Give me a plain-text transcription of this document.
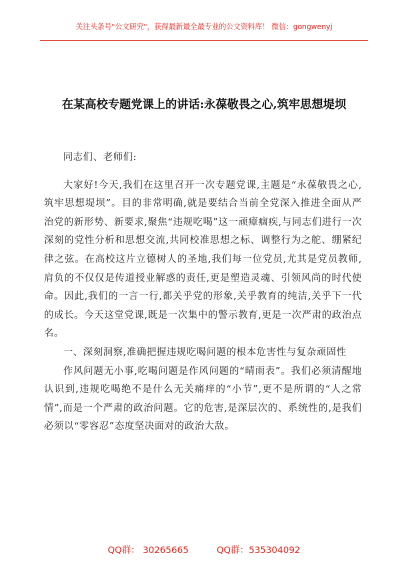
关注头条号"公文研究"，获得最新最全最专业的公文资料库！ 微信：gongwenyj
在某高校专题党课上的讲话:永葆敬畏之心,筑牢思想堤坝

同志们、老师们:

大家好!今天,我们在这里召开一次专题党课,主题是“永葆敬畏之心,筑牢思想堤坝”。目的非常明确,就是要结合当前全党深入推进全面从严治党的新形势、新要求,聚焦“违规吃喝”这一顽瘴痼疾,与同志们进行一次深刻的党性分析和思想交流,共同校准思想之标、调整行为之舵、绷紧纪律之弦。在高校这片立德树人的圣地,我们每一位党员,尤其是党员教师,肩负的不仅仅是传道授业解惑的责任,更是塑造灵魂、引领风尚的时代使命。因此,我们的一言一行,都关乎党的形象,关乎教育的纯洁,关乎下一代的成长。今天这堂党课,既是一次集中的警示教育,更是一次严肃的政治点名。

一、深刻洞察,准确把握违规吃喝问题的根本危害性与复杂顽固性

作风问题无小事,吃喝问题是作风问题的“晴雨表”。我们必须清醒地认识到,违规吃喝绝不是什么无关痛痒的“小节”,更不是所谓的“人之常情”,而是一个严肃的政治问题。它的危害,是深层次的、系统性的,是我们必须以“零容忍”态度坚决面对的政治大敌。

QQ群： 30265665	QQ群：535304092
